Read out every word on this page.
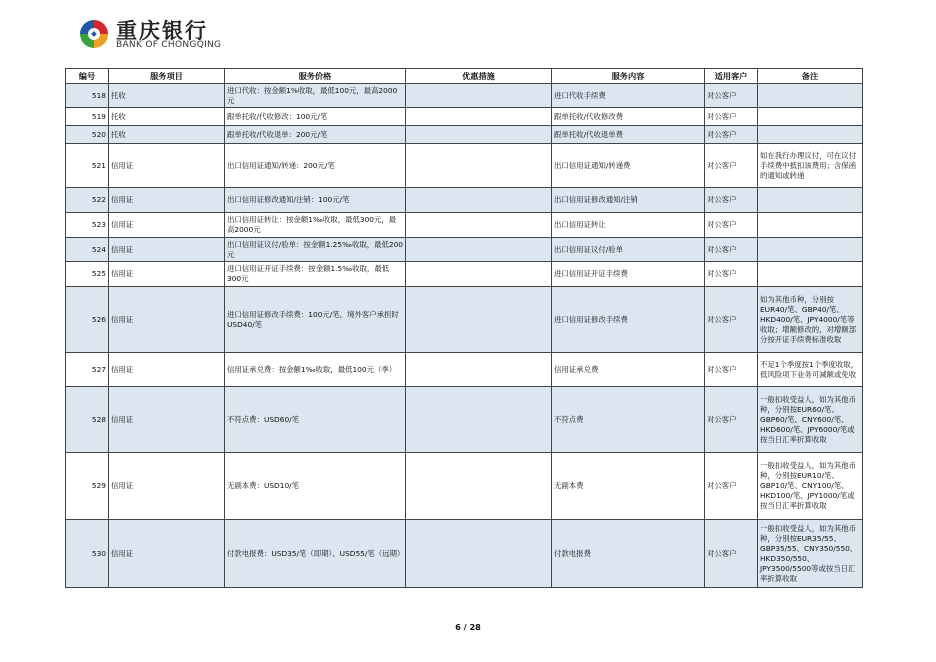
重庆银行
BANK OF CHONGQING
编号	服务项目	服务价格	优惠措施	服务内容	适用客户	备注
518	托收	进口代收：按金额1%收取，最低100元，最高2000元		进口代收手续费	对公客户	
519	托收	跟单托收/代收修改：100元/笔		跟单托收/代收修改费	对公客户	
520	托收	跟单托收/代收退单：200元/笔		跟单托收/代收退单费	对公客户	
521	信用证	出口信用证通知/转递：200元/笔		出口信用证通知/转递费	对公客户	如在我行办理议付，可在议付手续费中抵扣该费用；含保函的通知或转递
522	信用证	出口信用证修改通知/注销：100元/笔		出口信用证修改通知/注销	对公客户	
523	信用证	出口信用证转让：按金额1‰收取，最低300元，最高2000元		出口信用证转让	对公客户	
524	信用证	出口信用证议付/验单：按金额1.25‰收取，最低200元		出口信用证议付/验单	对公客户	
525	信用证	进口信用证开证手续费：按金额1.5‰收取，最低300元		进口信用证开证手续费	对公客户	
526	信用证	进口信用证修改手续费：100元/笔，境外客户承担时USD40/笔		进口信用证修改手续费	对公客户	如为其他币种，分别按EUR40/笔、GBP40/笔、HKD400/笔、JPY4000/笔等收取；增额修改的，对增额部分按开证手续费标准收取
527	信用证	信用证承兑费：按金额1‰收取，最低100元（季）		信用证承兑费	对公客户	不足1个季度按1个季度收取，低风险项下业务可减额或免收
528	信用证	不符点费：USD60/笔		不符点费	对公客户	一般扣收受益人，如为其他币种，分别按EUR60/笔、GBP60/笔、CNY600/笔、HKD600/笔、JPY6000/笔或按当日汇率折算收取
529	信用证	无副本费：USD10/笔		无副本费	对公客户	一般扣收受益人，如为其他币种，分别按EUR10/笔、GBP10/笔、CNY100/笔、HKD100/笔、JPY1000/笔或按当日汇率折算收取
530	信用证	付款电报费：USD35/笔（即期）、USD55/笔（远期）		付款电报费	对公客户	一般扣收受益人，如为其他币种，分别按EUR35/55、GBP35/55、CNY350/550、HKD350/550、JPY3500/5500等或按当日汇率折算收取
6 / 28
